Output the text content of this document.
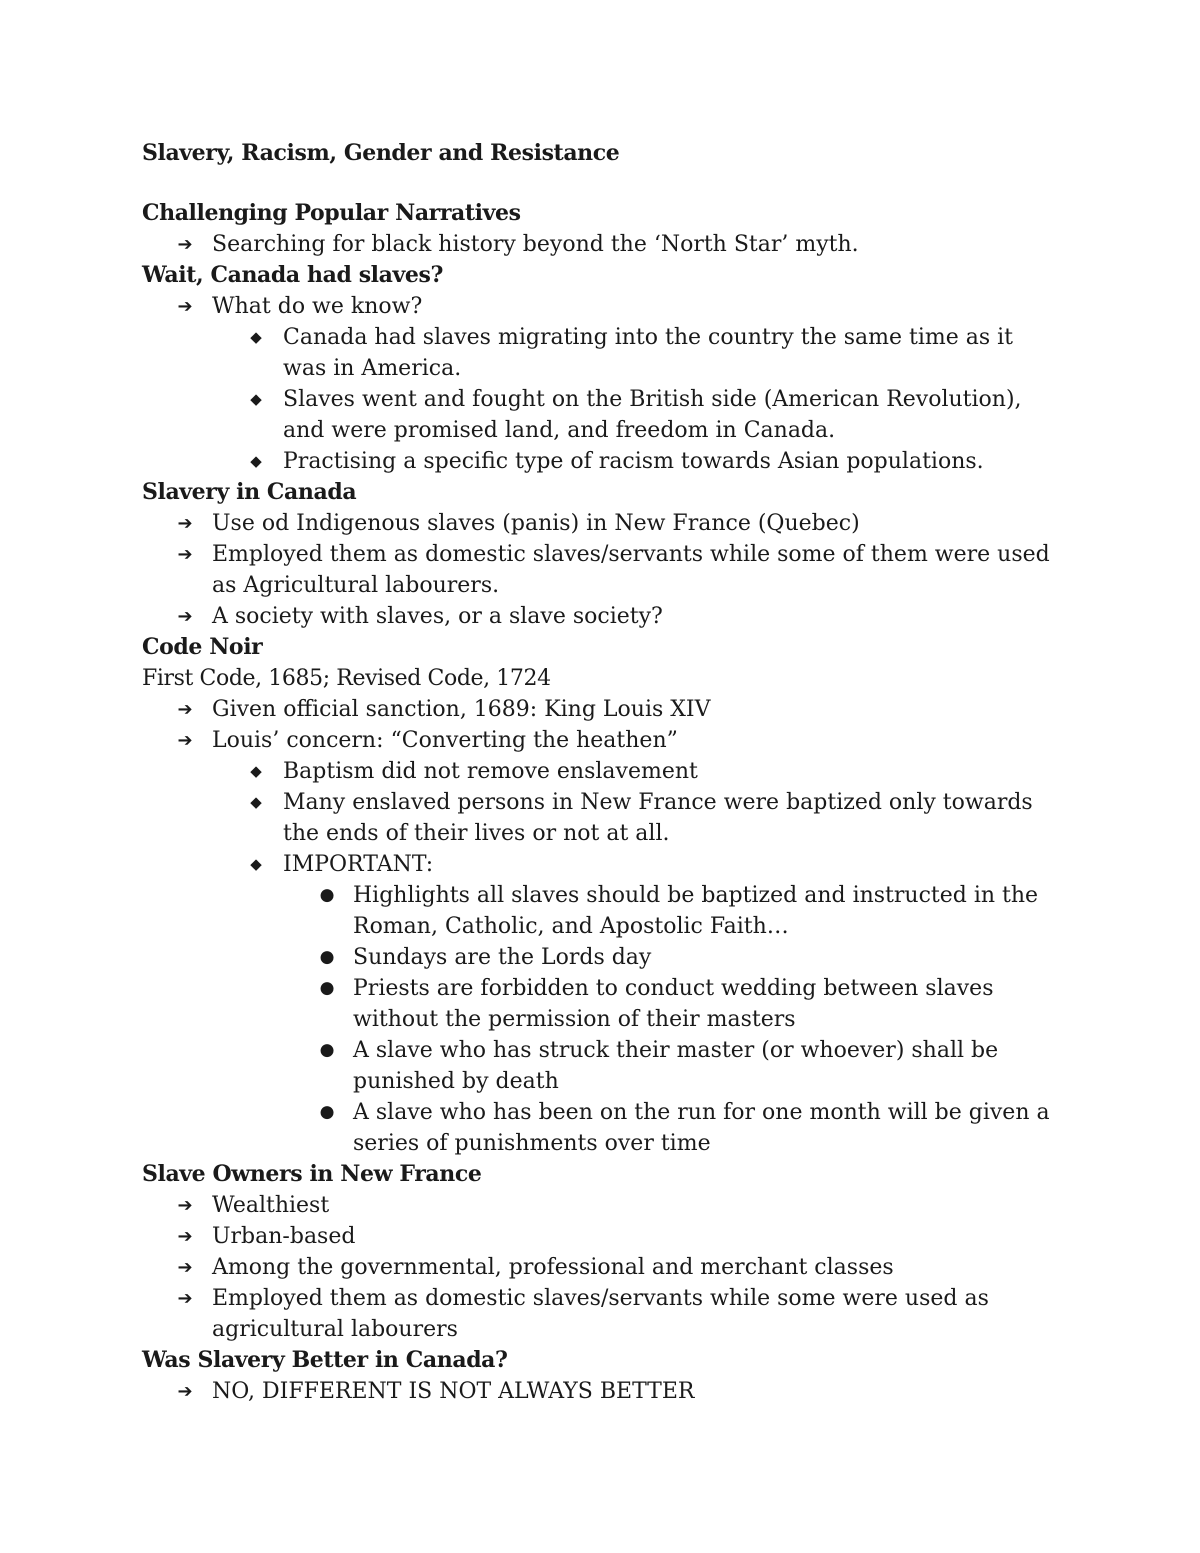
Slavery, Racism, Gender and Resistance

Challenging Popular Narratives

➔ Searching for black history beyond the ‘North Star’ myth.

Wait, Canada had slaves?

➔ What do we know?
◆ Canada had slaves migrating into the country the same time as it was in America.
◆ Slaves went and fought on the British side (American Revolution), and were promised land, and freedom in Canada.
◆ Practising a specific type of racism towards Asian populations.

Slavery in Canada

➔ Use od Indigenous slaves (panis) in New France (Quebec)
➔ Employed them as domestic slaves/servants while some of them were used as Agricultural labourers.
➔ A society with slaves, or a slave society?

Code Noir

First Code, 1685; Revised Code, 1724

➔ Given official sanction, 1689: King Louis XIV
➔ Louis’ concern: “Converting the heathen”
◆ Baptism did not remove enslavement
◆ Many enslaved persons in New France were baptized only towards the ends of their lives or not at all.
◆ IMPORTANT:
● Highlights all slaves should be baptized and instructed in the Roman, Catholic, and Apostolic Faith…
● Sundays are the Lords day
● Priests are forbidden to conduct wedding between slaves without the permission of their masters
● A slave who has struck their master (or whoever) shall be punished by death
● A slave who has been on the run for one month will be given a series of punishments over time

Slave Owners in New France

➔ Wealthiest
➔ Urban-based
➔ Among the governmental, professional and merchant classes
➔ Employed them as domestic slaves/servants while some were used as agricultural labourers

Was Slavery Better in Canada?

➔ NO, DIFFERENT IS NOT ALWAYS BETTER
